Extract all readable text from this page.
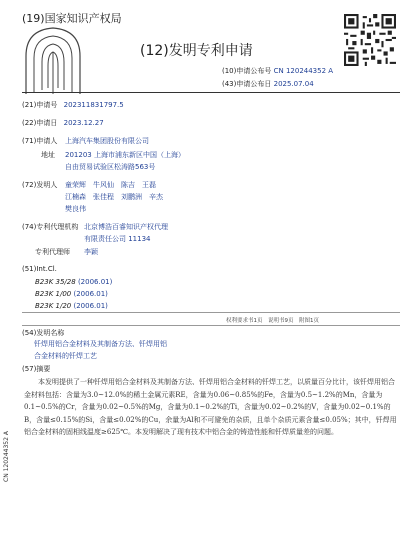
(19)国家知识产权局
(12)发明专利申请
(10)申请公布号 CN 120244352 A
(43)申请公布日 2025.07.04
(21)申请号 202311831797.5
(22)申请日 2023.12.27
(71)申请人 上海汽车集团股份有限公司
地址 201203 上海市浦东新区中国（上海）
自由贸易试验区松涛路563号
(72)发明人 童荣辉　牛风仙　陈吉　王磊
江楠森　张佳程　刘鹏洲　辛杰
樊良伟
(74)专利代理机构 北京博浩百睿知识产权代理
有限责任公司 11134
专利代理师 李颖
(51)Int.Cl.
B23K 35/28 (2006.01)
B23K 1/00 (2006.01)
B23K 1/20 (2006.01)
权利要求书1页　说明书9页　附图1页
(54)发明名称
钎焊用铝合金材料及其制备方法、钎焊用铝
合金材料的钎焊工艺
(57)摘要
本发明提供了一种钎焊用铝合金材料及其制备方法、钎焊用铝合金材料的钎焊工艺，以质量百分比计，该钎焊用铝合金材料包括：含量为3.0~12.0%的稀土金属元素RE，含量为0.06~0.85%的Fe，含量为0.5~1.2%的Mn，含量为0.1~0.5%的Cr，含量为0.02~0.5%的Mg，含量为0.1~0.2%的Ti，含量为0.02~0.2%的V，含量为0.02~0.1%的B，含量≤0.15%的Si，含量≤0.02%的Cu，余量为Al和不可避免的杂质，且单个杂质元素含量≤0.05%；其中，钎焊用铝合金材料的固相线温度≥625℃。本发明解决了现有技术中铝合金的铸造性能和钎焊质量差的问题。
CN 120244352 A
